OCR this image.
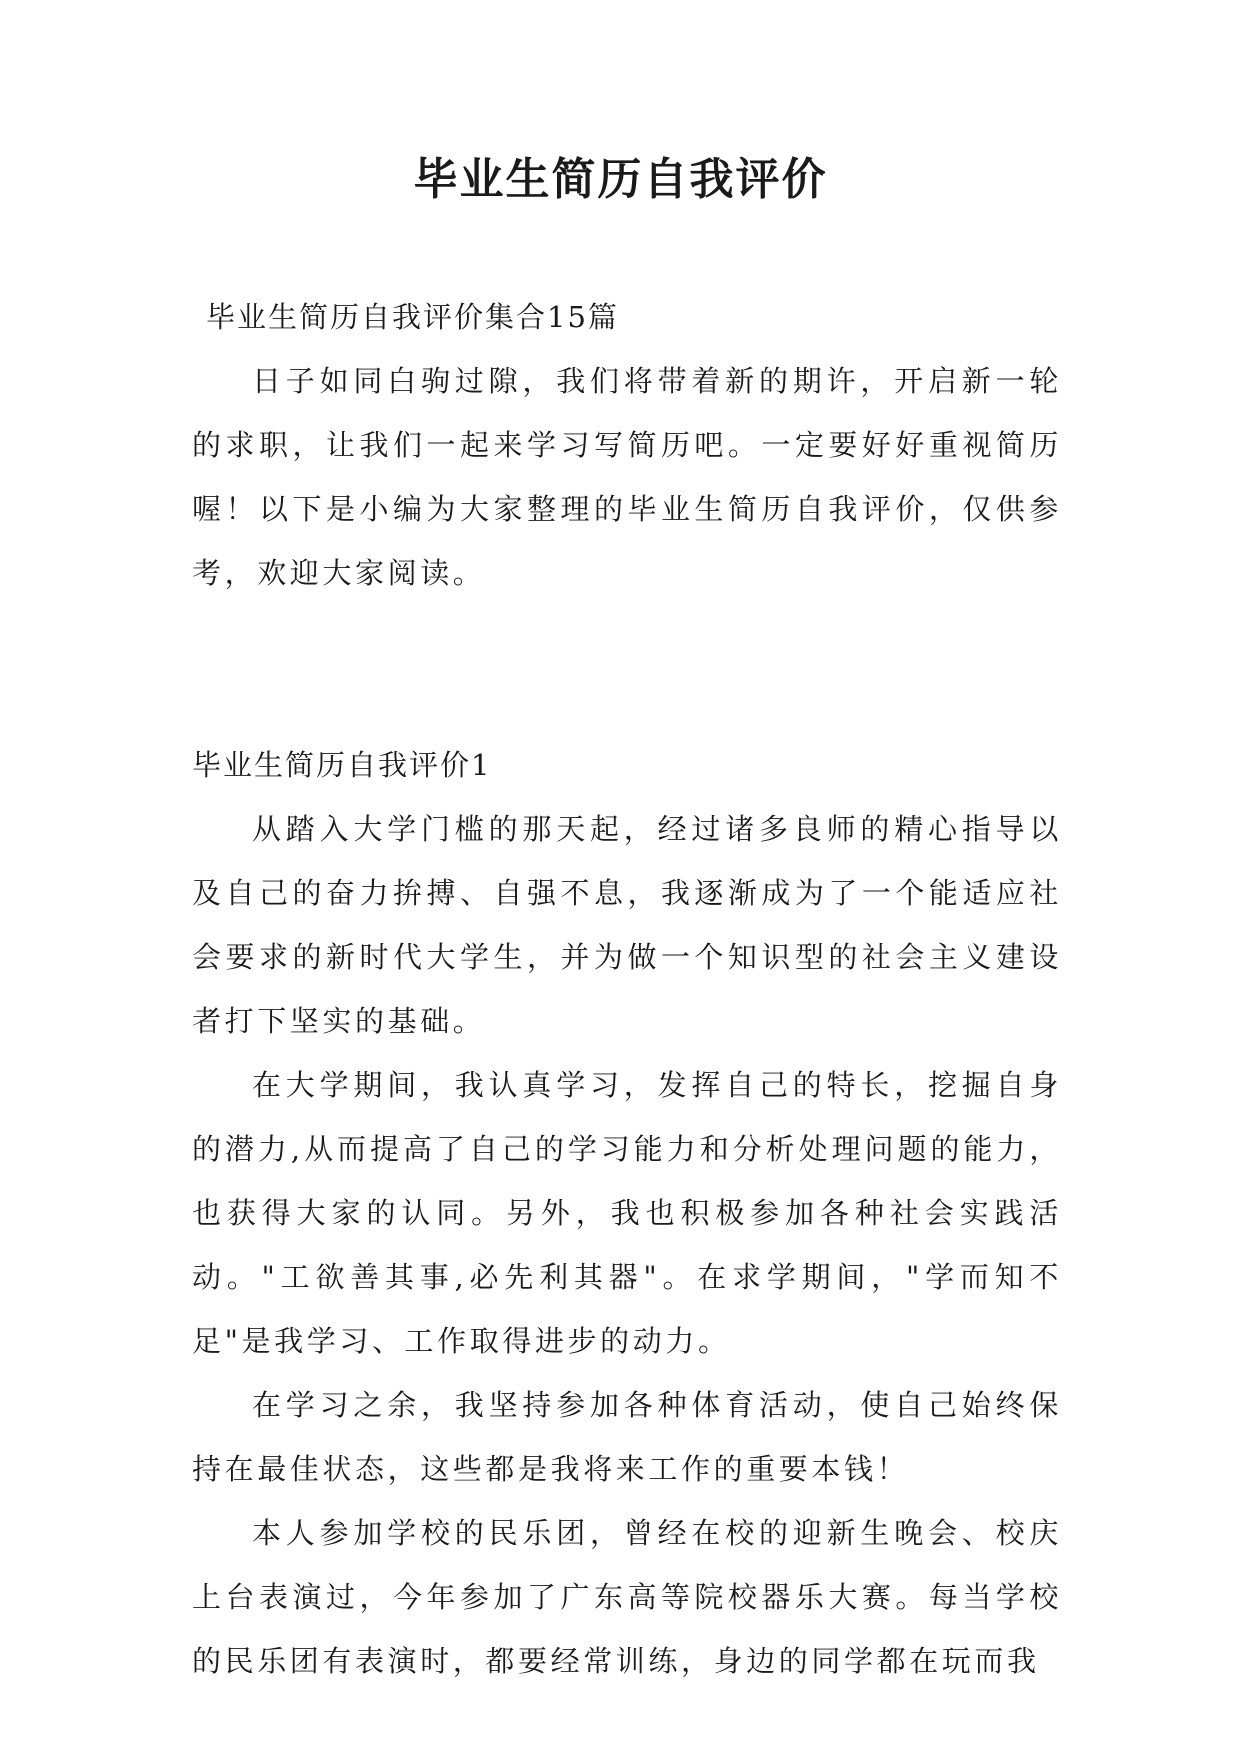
毕业生简历自我评价

毕业生简历自我评价集合15篇

日子如同白驹过隙，我们将带着新的期许，开启新一轮的求职，让我们一起来学习写简历吧。一定要好好重视简历喔！以下是小编为大家整理的毕业生简历自我评价，仅供参考，欢迎大家阅读。

毕业生简历自我评价1

从踏入大学门槛的那天起，经过诸多良师的精心指导以及自己的奋力拚搏、自强不息，我逐渐成为了一个能适应社会要求的新时代大学生，并为做一个知识型的社会主义建设者打下坚实的基础。

在大学期间，我认真学习，发挥自己的特长，挖掘自身的潜力,从而提高了自己的学习能力和分析处理问题的能力，也获得大家的认同。另外，我也积极参加各种社会实践活动。"工欲善其事,必先利其器"。在求学期间，"学而知不足"是我学习、工作取得进步的动力。

在学习之余，我坚持参加各种体育活动，使自己始终保持在最佳状态，这些都是我将来工作的重要本钱！

本人参加学校的民乐团，曾经在校的迎新生晚会、校庆上台表演过，今年参加了广东高等院校器乐大赛。每当学校的民乐团有表演时，都要经常训练，身边的同学都在玩而我
